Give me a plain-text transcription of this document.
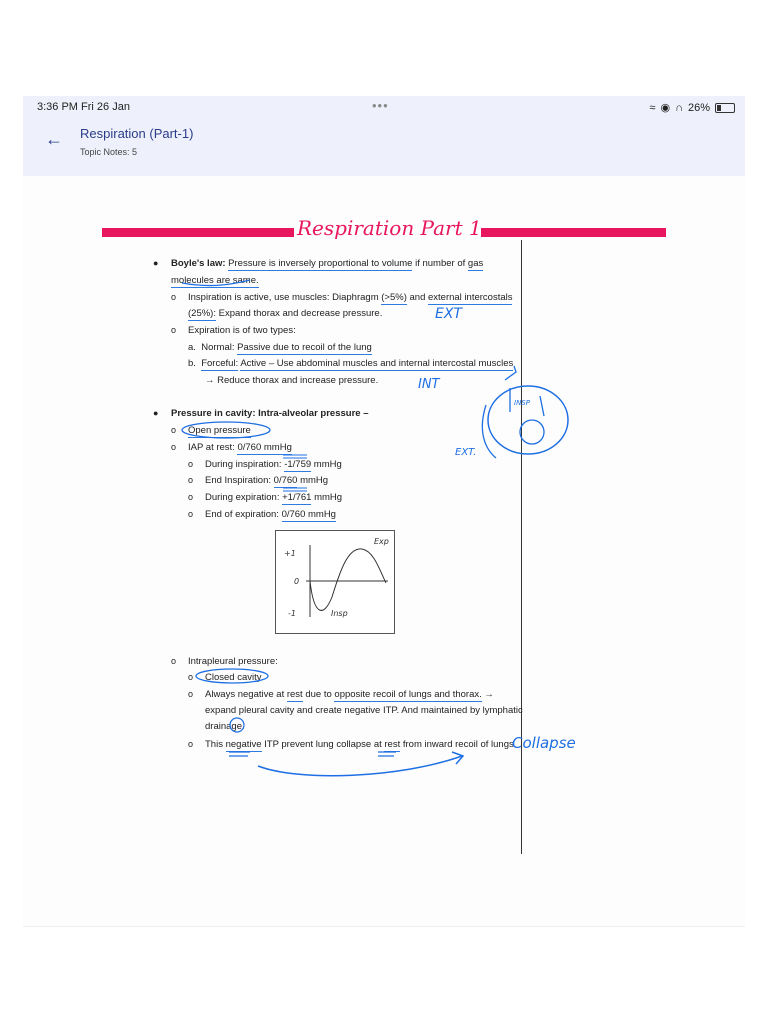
3:36 PM Fri 26 Jan	•••	≈ ◉ ∩ 26%
← Respiration (Part-1)
Topic Notes: 5
Respiration Part 1
● Boyle's law: Pressure is inversely proportional to volume if number of gas
molecules are same.
o Inspiration is active, use muscles: Diaphragm (>5%) and external intercostals
(25%): Expand thorax and decrease pressure.
o Expiration is of two types:
a. Normal: Passive due to recoil of the lung
b. Forceful: Active – Use abdominal muscles and internal intercostal muscles
→ Reduce thorax and increase pressure.
● Pressure in cavity: Intra-alveolar pressure –
o Open pressure
o IAP at rest: 0/760 mmHg
o During inspiration: -1/759 mmHg
o End Inspiration: 0/760 mmHg
o During expiration: +1/761 mmHg
o End of expiration: 0/760 mmHg
+1
0
-1
Exp
Insp
o Intrapleural pressure:
o Closed cavity
o Always negative at rest due to opposite recoil of lungs and thorax. →
expand pleural cavity and create negative ITP. And maintained by lymphatic
drainage.
o This negative ITP prevent lung collapse at rest from inward recoil of lungs.
EXT
INT
EXT.
INSP
Collapse
